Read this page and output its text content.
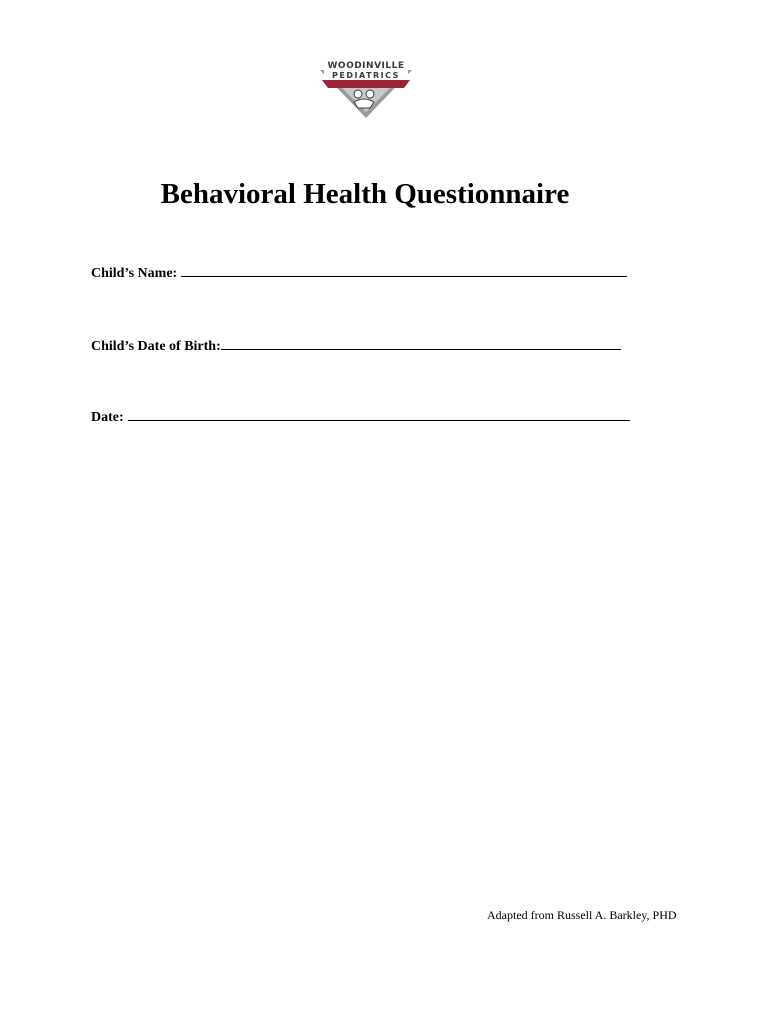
WOODINVILLE
PEDIATRICS
Behavioral Health Questionnaire
Child’s Name:
Child’s Date of Birth:
Date:
Adapted from Russell A. Barkley, PHD
